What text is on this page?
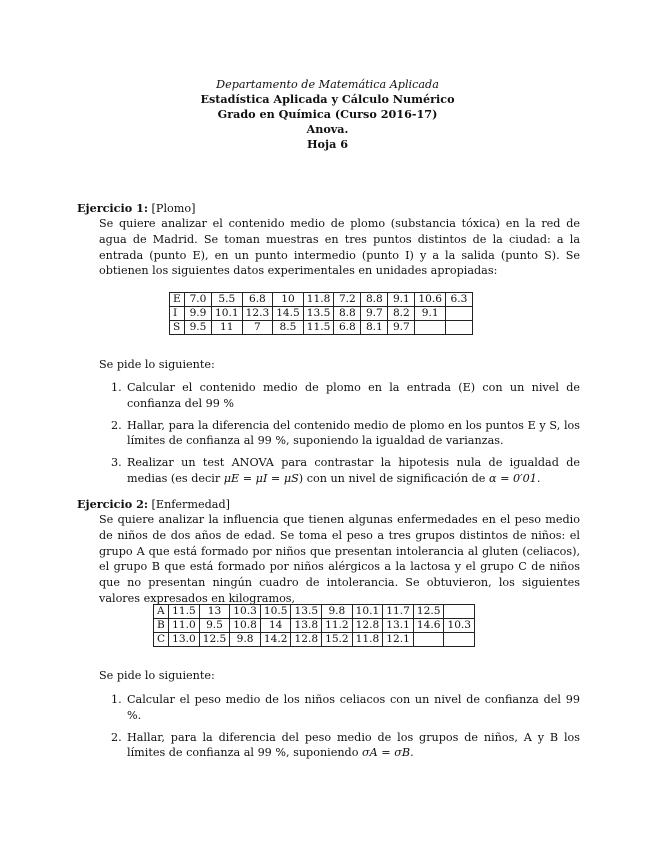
Departamento de Matemática Aplicada
Estadística Aplicada y Cálculo Numérico
Grado en Química (Curso 2016-17)
Anova.
Hoja 6
Ejercicio 1: [Plomo]
Se quiere analizar el contenido medio de plomo (substancia tóxica) en la red de agua de Madrid. Se toman muestras en tres puntos distintos de la ciudad: a la entrada (punto E), en un punto intermedio (punto I) y a la salida (punto S). Se obtienen los siguientes datos experimentales en unidades apropiadas:
E	7.0	5.5	6.8	10	11.8	7.2	8.8	9.1	10.6	6.3
I	9.9	10.1	12.3	14.5	13.5	8.8	9.7	8.2	9.1	
S	9.5	11	7	8.5	11.5	6.8	8.1	9.7		
Se pide lo siguiente:
1. Calcular el contenido medio de plomo en la entrada (E) con un nivel de confianza del 99 %
2. Hallar, para la diferencia del contenido medio de plomo en los puntos E y S, los límites de confianza al 99 %, suponiendo la igualdad de varianzas.
3. Realizar un test ANOVA para contrastar la hipotesis nula de igualdad de medias (es decir μE = μI = μS) con un nivel de significación de α = 0′01.
Ejercicio 2: [Enfermedad]
Se quiere analizar la influencia que tienen algunas enfermedades en el peso medio de niños de dos años de edad. Se toma el peso a tres grupos distintos de niños: el grupo A que está formado por niños que presentan intolerancia al gluten (celiacos), el grupo B que está formado por niños alérgicos a la lactosa y el grupo C de niños que no presentan ningún cuadro de intolerancia. Se obtuvieron, los siguientes valores expresados en kilogramos,
A	11.5	13	10.3	10.5	13.5	9.8	10.1	11.7	12.5	
B	11.0	9.5	10.8	14	13.8	11.2	12.8	13.1	14.6	10.3
C	13.0	12.5	9.8	14.2	12.8	15.2	11.8	12.1		
Se pide lo siguiente:
1. Calcular el peso medio de los niños celiacos con un nivel de confianza del 99 %.
2. Hallar, para la diferencia del peso medio de los grupos de niños, A y B los límites de confianza al 99 %, suponiendo σA = σB.
